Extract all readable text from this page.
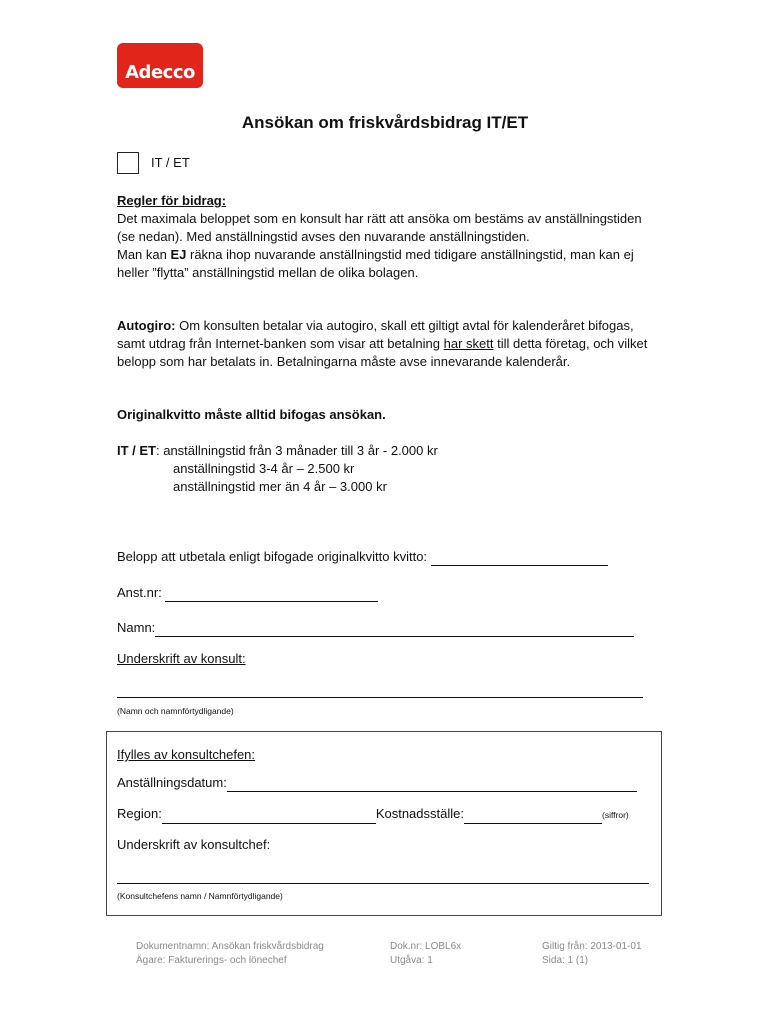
Adecco
Ansökan om friskvårdsbidrag IT/ET
IT / ET
Regler för bidrag:
Det maximala beloppet som en konsult har rätt att ansöka om bestäms av anställningstiden (se nedan). Med anställningstid avses den nuvarande anställningstiden.
Man kan EJ räkna ihop nuvarande anställningstid med tidigare anställningstid, man kan ej heller ”flytta” anställningstid mellan de olika bolagen.
Autogiro: Om konsulten betalar via autogiro, skall ett giltigt avtal för kalenderåret bifogas, samt utdrag från Internet-banken som visar att betalning har skett till detta företag, och vilket belopp som har betalats in. Betalningarna måste avse innevarande kalenderår.
Originalkvitto måste alltid bifogas ansökan.
IT / ET: anställningstid från 3 månader till 3 år - 2.000 kr
anställningstid 3-4 år – 2.500 kr
anställningstid mer än 4 år – 3.000 kr
Belopp att utbetala enligt bifogade originalkvitto kvitto:
Anst.nr:
Namn:
Underskrift av konsult:
(Namn och namnförtydligande)
Ifylles av konsultchefen:
Anställningsdatum:
Region:	Kostnadsställe:	(siffror)
Underskrift av konsultchef:
(Konsultchefens namn / Namnförtydligande)
Dokumentnamn: Ansökan friskvårdsbidrag
Ägare: Fakturerings- och lönechef
Dok.nr: LOBL6x
Utgåva: 1
Giltig från: 2013-01-01
Sida: 1 (1)
